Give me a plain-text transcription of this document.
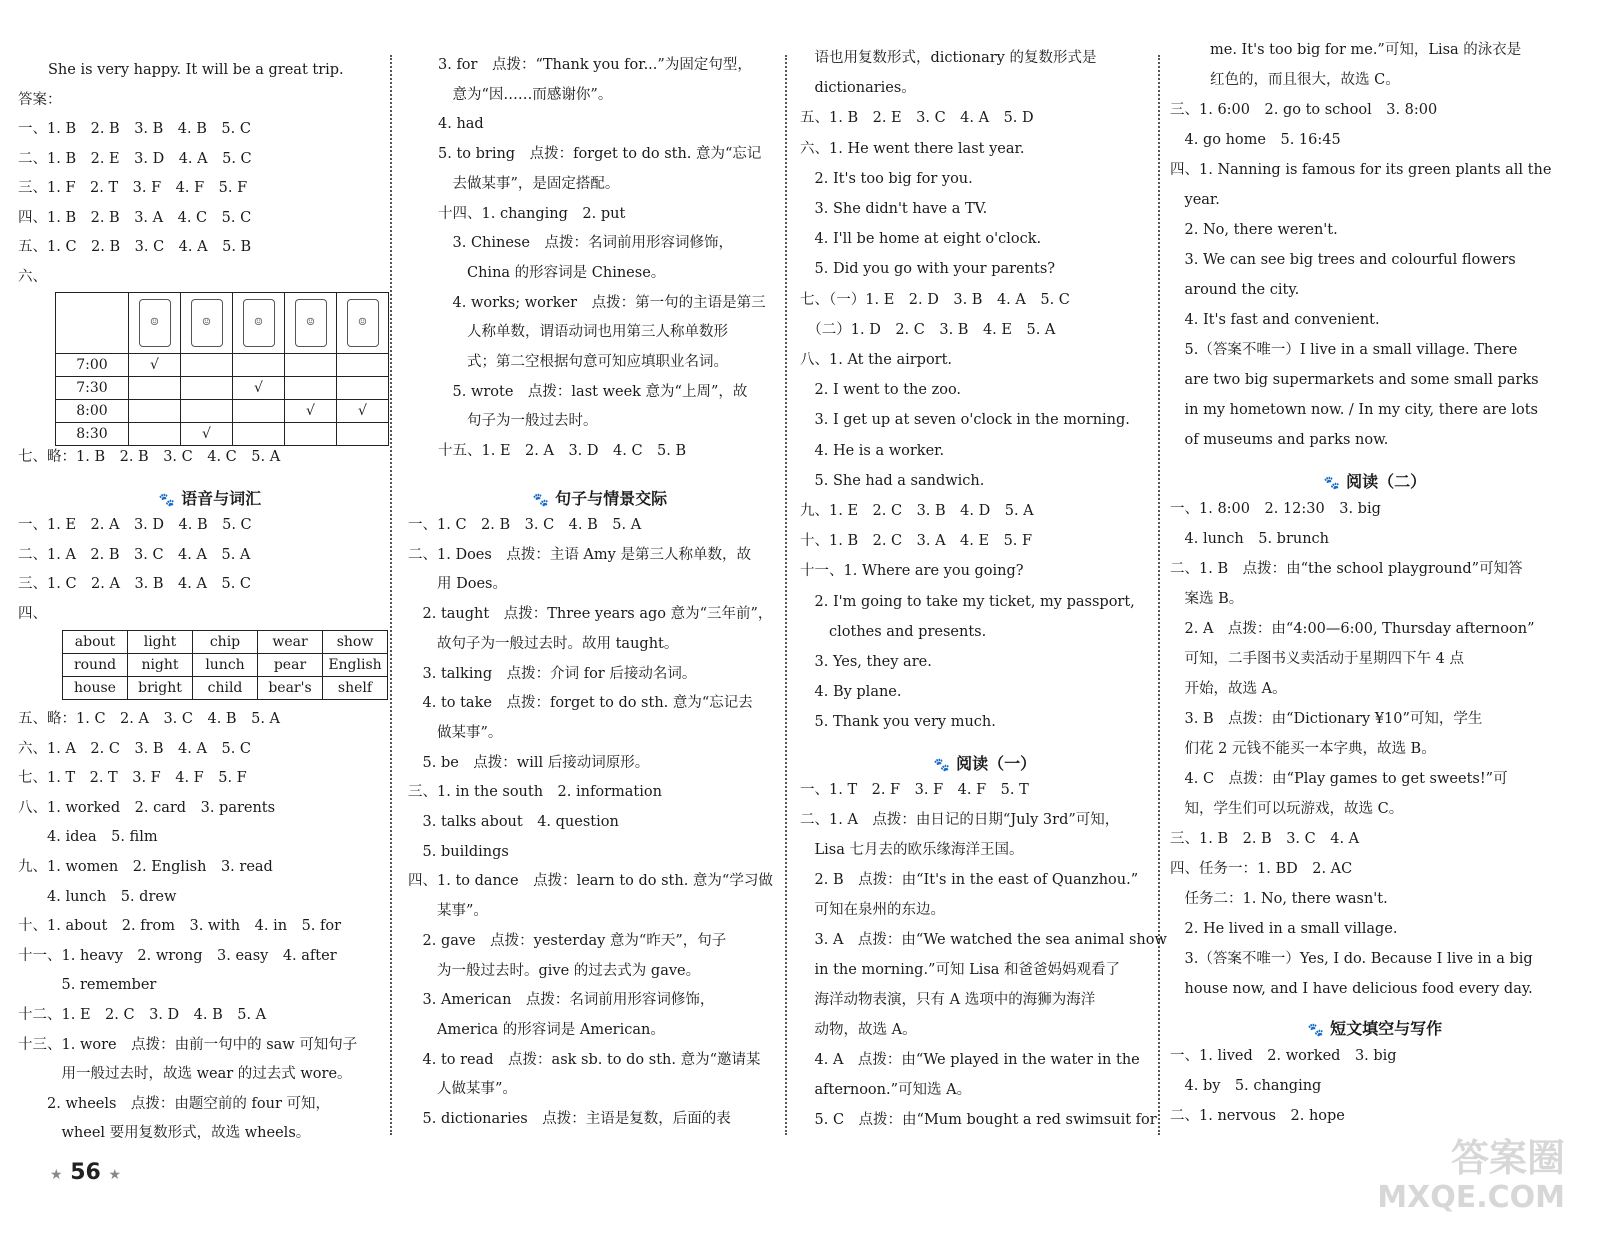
She is very happy. It will be a great trip.
答案：
一、1. B　2. B　3. B　4. B　5. C
二、1. B　2. E　3. D　4. A　5. C
三、1. F　2. T　3. F　4. F　5. F
四、1. B　2. B　3. A　4. C　5. C
五、1. C　2. B　3. C　4. A　5. B
六、
七、略：1. B　2. B　3. C　4. C　5. A
🐾 语音与词汇
一、1. E　2. A　3. D　4. B　5. C
二、1. A　2. B　3. C　4. A　5. A
三、1. C　2. A　3. B　4. A　5. C
四、
五、略：1. C　2. A　3. C　4. B　5. A
六、1. A　2. C　3. B　4. A　5. C
七、1. T　2. T　3. F　4. F　5. F
八、1. worked　2. card　3. parents
　　4. idea　5. film
九、1. women　2. English　3. read
　　4. lunch　5. drew
十、1. about　2. from　3. with　4. in　5. for
十一、1. heavy　2. wrong　3. easy　4. after
　　　5. remember
十二、1. E　2. C　3. D　4. B　5. A
十三、1. wore　点拨：由前一句中的 saw 可知句子
　　　用一般过去时，故选 wear 的过去式 wore。
　　2. wheels　点拨：由题空前的 four 可知，
　　　wheel 要用复数形式，故选 wheels。
3. for　点拨：“Thank you for...”为固定句型，
　意为“因……而感谢你”。
4. had
5. to bring　点拨：forget to do sth. 意为“忘记
　去做某事”，是固定搭配。
十四、1. changing　2. put
　3. Chinese　点拨：名词前用形容词修饰，
　　China 的形容词是 Chinese。
　4. works; worker　点拨：第一句的主语是第三
　　人称单数，谓语动词也用第三人称单数形
　　式；第二空根据句意可知应填职业名词。
　5. wrote　点拨：last week 意为“上周”，故
　　句子为一般过去时。
十五、1. E　2. A　3. D　4. C　5. B
🐾 句子与情景交际
一、1. C　2. B　3. C　4. B　5. A
二、1. Does　点拨：主语 Amy 是第三人称单数，故
　　用 Does。
　2. taught　点拨：Three years ago 意为“三年前”，
　　故句子为一般过去时。故用 taught。
　3. talking　点拨：介词 for 后接动名词。
　4. to take　点拨：forget to do sth. 意为“忘记去
　　做某事”。
　5. be　点拨：will 后接动词原形。
三、1. in the south　2. information
　3. talks about　4. question
　5. buildings
四、1. to dance　点拨：learn to do sth. 意为“学习做
　　某事”。
　2. gave　点拨：yesterday 意为“昨天”，句子
　　为一般过去时。give 的过去式为 gave。
　3. American　点拨：名词前用形容词修饰，
　　America 的形容词是 American。
　4. to read　点拨：ask sb. to do sth. 意为“邀请某
　　人做某事”。
　5. dictionaries　点拨：主语是复数，后面的表
　语也用复数形式，dictionary 的复数形式是
　dictionaries。
五、1. B　2. E　3. C　4. A　5. D
六、1. He went there last year.
　2. It's too big for you.
　3. She didn't have a TV.
　4. I'll be home at eight o'clock.
　5. Did you go with your parents?
七、（一）1. E　2. D　3. B　4. A　5. C
　（二）1. D　2. C　3. B　4. E　5. A
八、1. At the airport.
　2. I went to the zoo.
　3. I get up at seven o'clock in the morning.
　4. He is a worker.
　5. She had a sandwich.
九、1. E　2. C　3. B　4. D　5. A
十、1. B　2. C　3. A　4. E　5. F
十一、1. Where are you going?
　2. I'm going to take my ticket, my passport,
　　clothes and presents.
　3. Yes, they are.
　4. By plane.
　5. Thank you very much.
🐾 阅读（一）
一、1. T　2. F　3. F　4. F　5. T
二、1. A　点拨：由日记的日期“July 3rd”可知，
　Lisa 七月去的欧乐缘海洋王国。
　2. B　点拨：由“It's in the east of Quanzhou.”
　可知在泉州的东边。
　3. A　点拨：由“We watched the sea animal show
　in the morning.”可知 Lisa 和爸爸妈妈观看了
　海洋动物表演，只有 A 选项中的海狮为海洋
　动物，故选 A。
　4. A　点拨：由“We played in the water in the
　afternoon.”可知选 A。
　5. C　点拨：由“Mum bought a red swimsuit for
me. It's too big for me.”可知，Lisa 的泳衣是
红色的，而且很大，故选 C。
三、1. 6:00　2. go to school　3. 8:00
　4. go home　5. 16:45
四、1. Nanning is famous for its green plants all the
　year.
　2. No, there weren't.
　3. We can see big trees and colourful flowers
　around the city.
　4. It's fast and convenient.
　5.（答案不唯一）I live in a small village. There
　are two big supermarkets and some small parks
　in my hometown now. / In my city, there are lots
　of museums and parks now.
🐾 阅读（二）
一、1. 8:00　2. 12:30　3. big
　4. lunch　5. brunch
二、1. B　点拨：由“the school playground”可知答
　案选 B。
　2. A　点拨：由“4:00—6:00, Thursday afternoon”
　可知，二手图书义卖活动于星期四下午 4 点
　开始，故选 A。
　3. B　点拨：由“Dictionary ¥10”可知，学生
　们花 2 元钱不能买一本字典，故选 B。
　4. C　点拨：由“Play games to get sweets!”可
　知，学生们可以玩游戏，故选 C。
三、1. B　2. B　3. C　4. A
四、任务一：1. BD　2. AC
　任务二：1. No, there wasn't.
　2. He lived in a small village.
　3.（答案不唯一）Yes, I do. Because I live in a big
　house now, and I have delicious food every day.
🐾 短文填空与写作
一、1. lived　2. worked　3. big
　4. by　5. changing
二、1. nervous　2. hope
★ 56 ★	答案圈
MXQE.COM
	☺	☺	☺	☺	☺
7:00	√				
7:30			√		
8:00				√	√
8:30		√			
about	light	chip	wear	show
round	night	lunch	pear	English
house	bright	child	bear's	shelf
